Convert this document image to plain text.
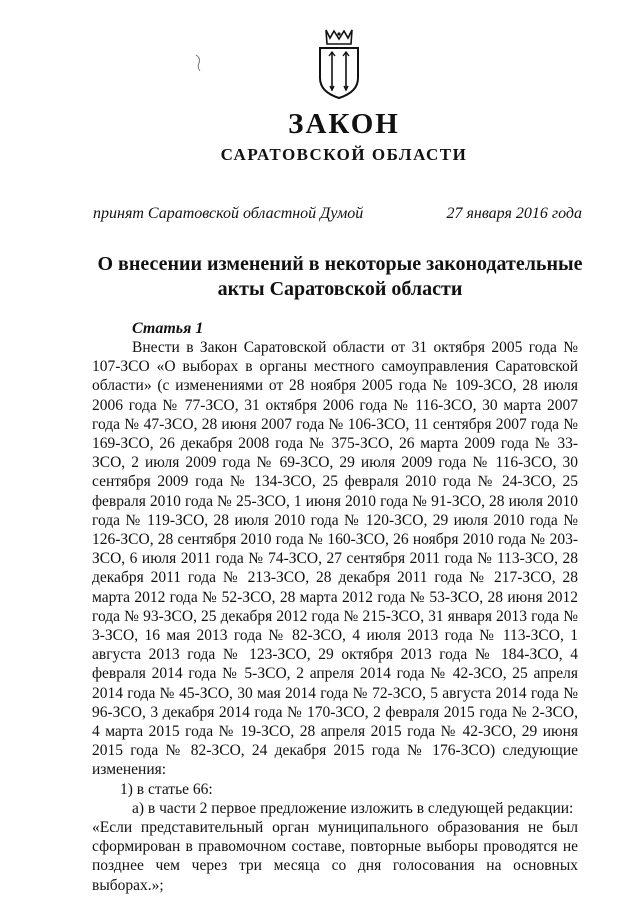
ЗАКОН
САРАТОВСКОЙ ОБЛАСТИ
принят Саратовской областной Думой	27 января 2016 года
О внесении изменений в некоторые законодательные
акты Саратовской области
Статья 1

Внести в Закон Саратовской области от 31 октября 2005 года № 107-ЗСО «О выборах в органы местного самоуправления Саратовской области» (с изменениями от 28 ноября 2005 года № 109-ЗСО, 28 июля 2006 года № 77-ЗСО, 31 октября 2006 года № 116-ЗСО, 30 марта 2007 года № 47-ЗСО, 28 июня 2007 года № 106-ЗСО, 11 сентября 2007 года № 169-ЗСО, 26 декабря 2008 года № 375-ЗСО, 26 марта 2009 года № 33-ЗСО, 2 июля 2009 года № 69-ЗСО, 29 июля 2009 года № 116-ЗСО, 30 сентября 2009 года № 134-ЗСО, 25 февраля 2010 года № 24-ЗСО, 25 февраля 2010 года № 25-ЗСО, 1 июня 2010 года № 91-ЗСО, 28 июля 2010 года № 119-ЗСО, 28 июля 2010 года № 120-ЗСО, 29 июля 2010 года № 126-ЗСО, 28 сентября 2010 года № 160-ЗСО, 26 ноября 2010 года № 203-ЗСО, 6 июля 2011 года № 74-ЗСО, 27 сентября 2011 года № 113-ЗСО, 28 декабря 2011 года № 213-ЗСО, 28 декабря 2011 года № 217-ЗСО, 28 марта 2012 года № 52-ЗСО, 28 марта 2012 года № 53-ЗСО, 28 июня 2012 года № 93-ЗСО, 25 декабря 2012 года № 215-ЗСО, 31 января 2013 года № 3-ЗСО, 16 мая 2013 года № 82-ЗСО, 4 июля 2013 года № 113-ЗСО, 1 августа 2013 года № 123-ЗСО, 29 октября 2013 года № 184-ЗСО, 4 февраля 2014 года № 5-ЗСО, 2 апреля 2014 года № 42-ЗСО, 25 апреля 2014 года № 45-ЗСО, 30 мая 2014 года № 72-ЗСО, 5 августа 2014 года № 96-ЗСО, 3 декабря 2014 года № 170-ЗСО, 2 февраля 2015 года № 2-ЗСО, 4 марта 2015 года № 19-ЗСО, 28 апреля 2015 года № 42-ЗСО, 29 июня 2015 года № 82-ЗСО, 24 декабря 2015 года № 176-ЗСО) следующие изменения:

1) в статье 66:

а) в части 2 первое предложение изложить в следующей редакции:

«Если представительный орган муниципального образования не был сформирован в правомочном составе, повторные выборы проводятся не позднее чем через три месяца со дня голосования на основных выборах.»;
